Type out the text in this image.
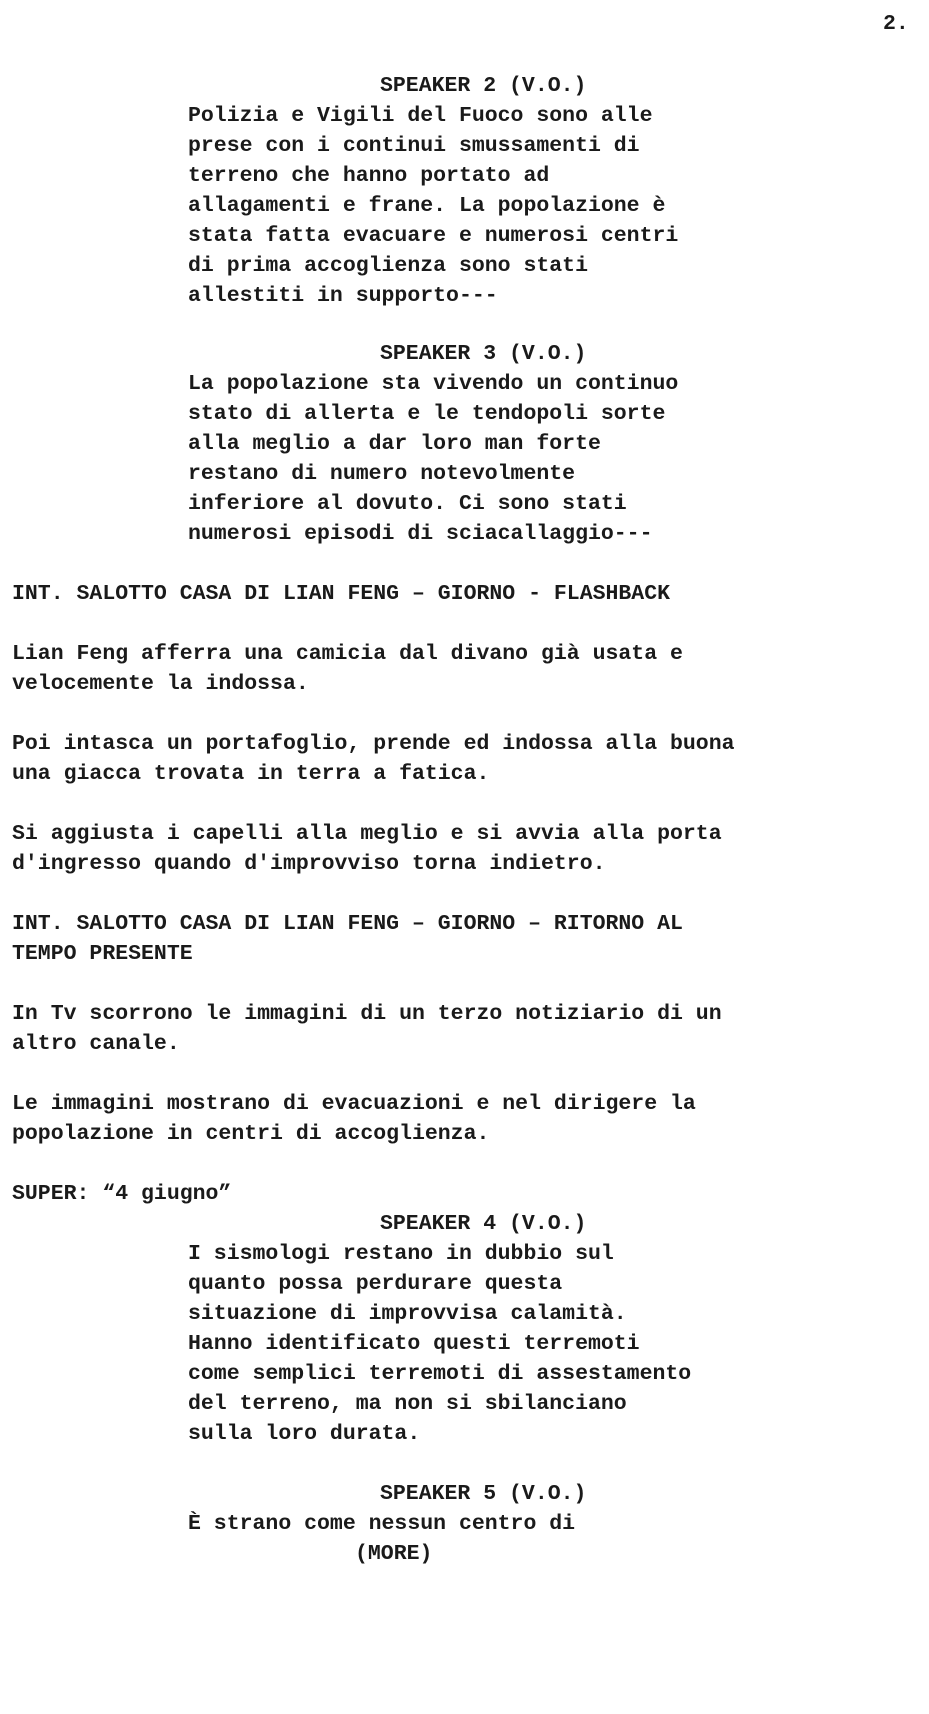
2.
SPEAKER 2 (V.O.)
Polizia e Vigili del Fuoco sono alle
prese con i continui smussamenti di
terreno che hanno portato ad
allagamenti e frane. La popolazione è
stata fatta evacuare e numerosi centri
di prima accoglienza sono stati
allestiti in supporto---
SPEAKER 3 (V.O.)
La popolazione sta vivendo un continuo
stato di allerta e le tendopoli sorte
alla meglio a dar loro man forte
restano di numero notevolmente
inferiore al dovuto. Ci sono stati
numerosi episodi di sciacallaggio---
INT. SALOTTO CASA DI LIAN FENG – GIORNO - FLASHBACK
Lian Feng afferra una camicia dal divano già usata e
velocemente la indossa.
Poi intasca un portafoglio, prende ed indossa alla buona
una giacca trovata in terra a fatica.
Si aggiusta i capelli alla meglio e si avvia alla porta
d'ingresso quando d'improvviso torna indietro.
INT. SALOTTO CASA DI LIAN FENG – GIORNO – RITORNO AL
TEMPO PRESENTE
In Tv scorrono le immagini di un terzo notiziario di un
altro canale.
Le immagini mostrano di evacuazioni e nel dirigere la
popolazione in centri di accoglienza.
SUPER: “4 giugno”
SPEAKER 4 (V.O.)
I sismologi restano in dubbio sul
quanto possa perdurare questa
situazione di improvvisa calamità.
Hanno identificato questi terremoti
come semplici terremoti di assestamento
del terreno, ma non si sbilanciano
sulla loro durata.
SPEAKER 5 (V.O.)
È strano come nessun centro di
(MORE)
